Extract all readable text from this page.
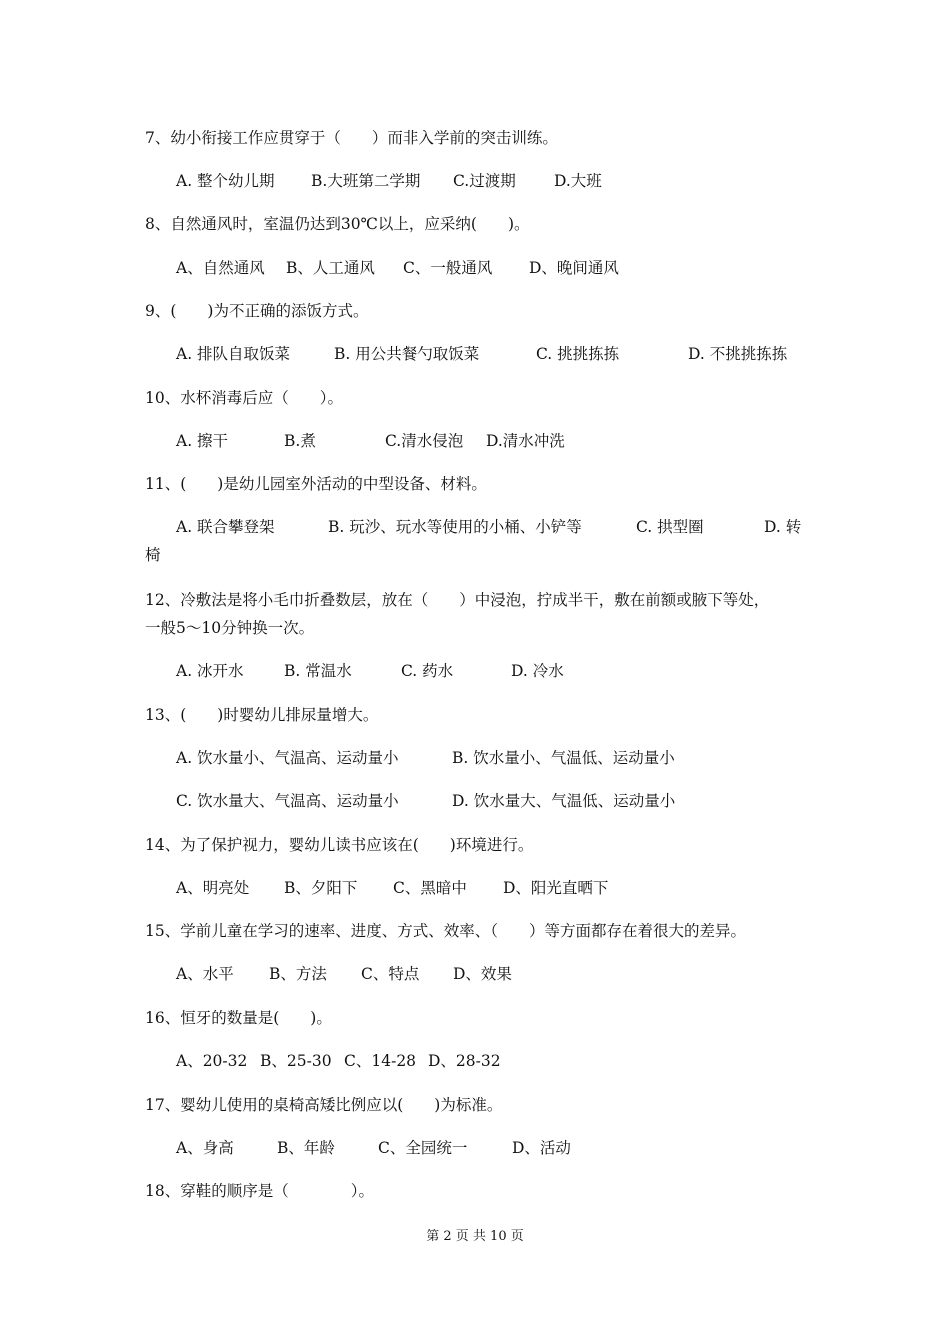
7、幼小衔接工作应贯穿于（　　）而非入学前的突击训练。
A. 整个幼儿期 B.大班第二学期 C.过渡期 D.大班
8、自然通风时，室温仍达到30℃以上，应采纳(　　)。
A、自然通风 B、人工通风 C、一般通风 D、晚间通风
9、(　　)为不正确的添饭方式。
A. 排队自取饭菜	B. 用公共餐勺取饭菜	C. 挑挑拣拣	D. 不挑挑拣拣
10、水杯消毒后应（　　）。
A. 擦干	B.煮	C.清水侵泡 D.清水冲洗
11、(　　)是幼儿园室外活动的中型设备、材料。
A. 联合攀登架	B. 玩沙、玩水等使用的小桶、小铲等	C. 拱型圈	D. 转
椅
12、冷敷法是将小毛巾折叠数层，放在（　　）中浸泡，拧成半干，敷在前额或腋下等处，
一般5～10分钟换一次。
A. 冰开水	B. 常温水	C. 药水	D. 冷水
13、(　　)时婴幼儿排尿量增大。
A. 饮水量小、气温高、运动量小	B. 饮水量小、气温低、运动量小
C. 饮水量大、气温高、运动量小	D. 饮水量大、气温低、运动量小
14、为了保护视力，婴幼儿读书应该在(　　)环境进行。
A、明亮处 B、夕阳下 C、黑暗中 D、阳光直晒下
15、学前儿童在学习的速率、进度、方式、效率、（　　）等方面都存在着很大的差异。
A、水平 B、方法 C、特点 D、效果
16、恒牙的数量是(　　)。
A、20-32 B、25-30 C、14-28 D、28-32
17、婴幼儿使用的桌椅高矮比例应以(　　)为标准。
A、身高	B、年龄	C、全园统一	D、活动
18、穿鞋的顺序是（　　　　）。
第 2 页 共 10 页
